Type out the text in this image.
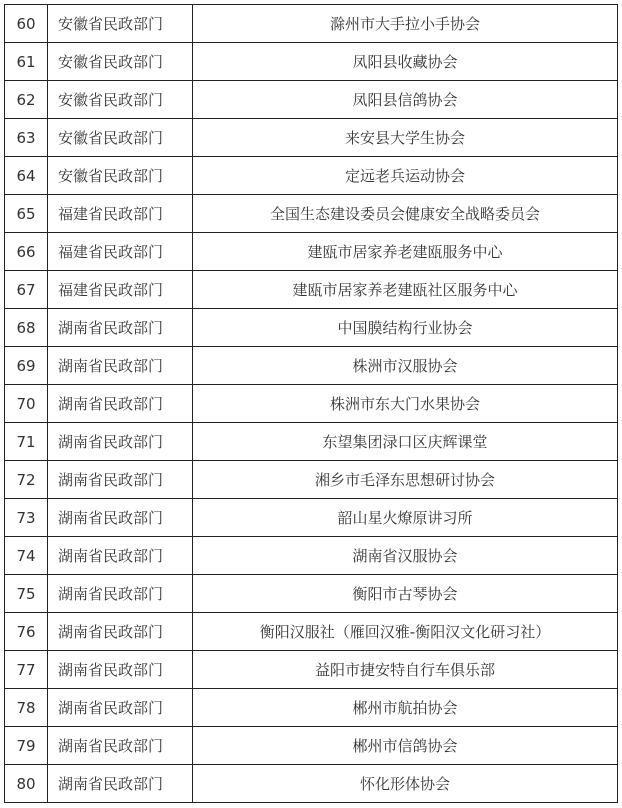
60	安徽省民政部门	滁州市大手拉小手协会
61	安徽省民政部门	凤阳县收藏协会
62	安徽省民政部门	凤阳县信鸽协会
63	安徽省民政部门	来安县大学生协会
64	安徽省民政部门	定远老兵运动协会
65	福建省民政部门	全国生态建设委员会健康安全战略委员会
66	福建省民政部门	建瓯市居家养老建瓯服务中心
67	福建省民政部门	建瓯市居家养老建瓯社区服务中心
68	湖南省民政部门	中国膜结构行业协会
69	湖南省民政部门	株洲市汉服协会
70	湖南省民政部门	株洲市东大门水果协会
71	湖南省民政部门	东望集团渌口区庆辉课堂
72	湖南省民政部门	湘乡市毛泽东思想研讨协会
73	湖南省民政部门	韶山星火燎原讲习所
74	湖南省民政部门	湖南省汉服协会
75	湖南省民政部门	衡阳市古琴协会
76	湖南省民政部门	衡阳汉服社（雁回汉雅-衡阳汉文化研习社）
77	湖南省民政部门	益阳市捷安特自行车俱乐部
78	湖南省民政部门	郴州市航拍协会
79	湖南省民政部门	郴州市信鸽协会
80	湖南省民政部门	怀化形体协会
